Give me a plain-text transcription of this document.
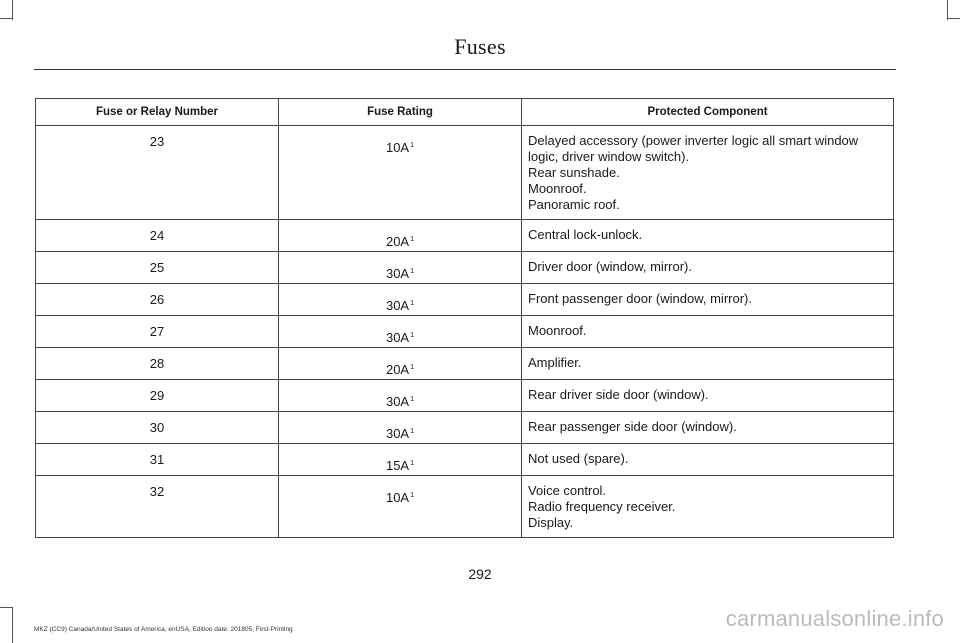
Fuses
Fuse or Relay Number	Fuse Rating	Protected Component
23	$10A^1$	Delayed accessory (power inverter logic all smart window logic, driver window switch).
Rear sunshade.
Moonroof.
Panoramic roof.

24	$20A^1$	Central lock-unlock.

25	$30A^1$	Driver door (window, mirror).

26	$30A^1$	Front passenger door (window, mirror).

27	$30A^1$	Moonroof.

28	$20A^1$	Amplifier.

29	$30A^1$	Rear driver side door (window).

30	$30A^1$	Rear passenger side door (window).

31	$15A^1$	Not used (spare).

32	$10A^1$	Voice control.
Radio frequency receiver.
Display.
292
MKZ (CC9) Canada/United States of America, enUSA, Edition date: 201805, First-Printing	carmanualsonline.info
